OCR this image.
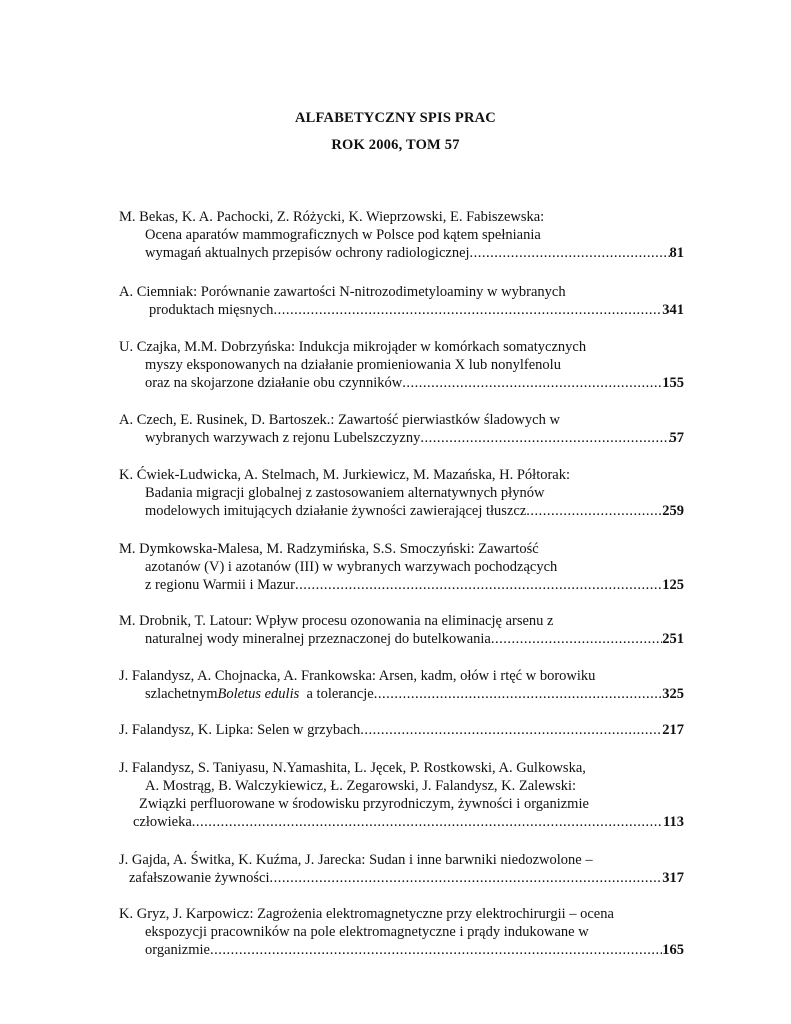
ALFABETYCZNY SPIS PRAC
ROK 2006, TOM 57
M. Bekas, K. A. Pachocki, Z. Różycki, K. Wieprzowski, E. Fabiszewska:
Ocena aparatów mammograficznych w Polsce pod kątem spełniania
wymagań aktualnych przepisów ochrony radiologicznej .....	81
A. Ciemniak: Porównanie zawartości N-nitrozodimetyloaminy w wybranych
produktach mięsnych .....	341
U. Czajka, M.M. Dobrzyńska: Indukcja mikrojąder w komórkach somatycznych
myszy eksponowanych na działanie promieniowania X lub nonylfenolu
oraz na skojarzone działanie obu czynników .....	155
A. Czech, E. Rusinek, D. Bartoszek.: Zawartość pierwiastków śladowych w
wybranych warzywach z rejonu Lubelszczyzny .....	57
K. Ćwiek-Ludwicka, A. Stelmach, M. Jurkiewicz, M. Mazańska, H. Półtorak:
Badania migracji globalnej z zastosowaniem alternatywnych płynów
modelowych imitujących działanie żywności zawierającej tłuszcz .....	259
M. Dymkowska-Malesa, M. Radzymińska, S.S. Smoczyński: Zawartość
azotanów (V) i azotanów (III) w wybranych warzywach pochodzących
z regionu Warmii i Mazur .....	125
M. Drobnik, T. Latour: Wpływ procesu ozonowania na eliminację arsenu z
naturalnej wody mineralnej przeznaczonej do butelkowania .....	251
J. Falandysz, A. Chojnacka, A. Frankowska: Arsen, kadm, ołów i rtęć w borowiku
szlachetnym Boletus edulis a tolerancje .....	325
J. Falandysz, K. Lipka: Selen w grzybach .....	217
J. Falandysz, S. Taniyasu, N.Yamashita, L. Jęcek, P. Rostkowski, A. Gulkowska,
A. Mostrąg, B. Walczykiewicz, Ł. Zegarowski, J. Falandysz, K. Zalewski:
Związki perfluorowane w środowisku przyrodniczym, żywności i organizmie
człowieka .....	113
J. Gajda, A. Świtka, K. Kuźma, J. Jarecka: Sudan i inne barwniki niedozwolone –
zafałszowanie żywności .....	317
K. Gryz, J. Karpowicz: Zagrożenia elektromagnetyczne przy elektrochirurgii – ocena
ekspozycji pracowników na pole elektromagnetyczne i prądy indukowane w
organizmie .....	165
